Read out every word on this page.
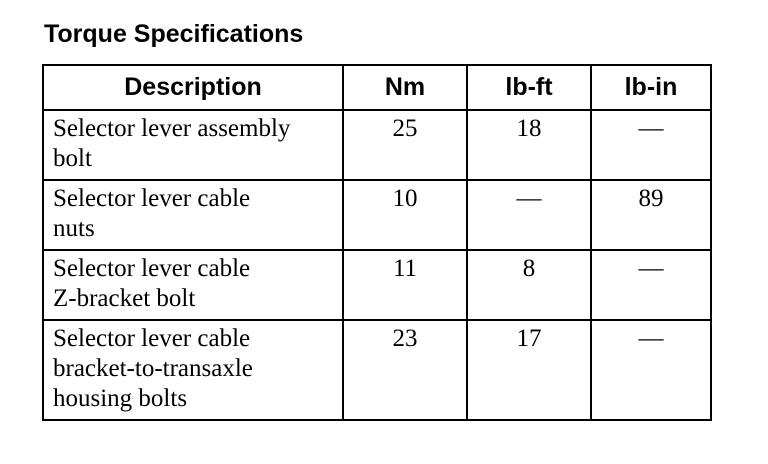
Torque Specifications
Description	Nm	lb-ft	lb-in

Selector lever assembly
bolt	25	18	—

Selector lever cable
nuts	10	—	89

Selector lever cable
Z-bracket bolt	11	8	—

Selector lever cable
bracket-to-transaxle
housing bolts	23	17	—
